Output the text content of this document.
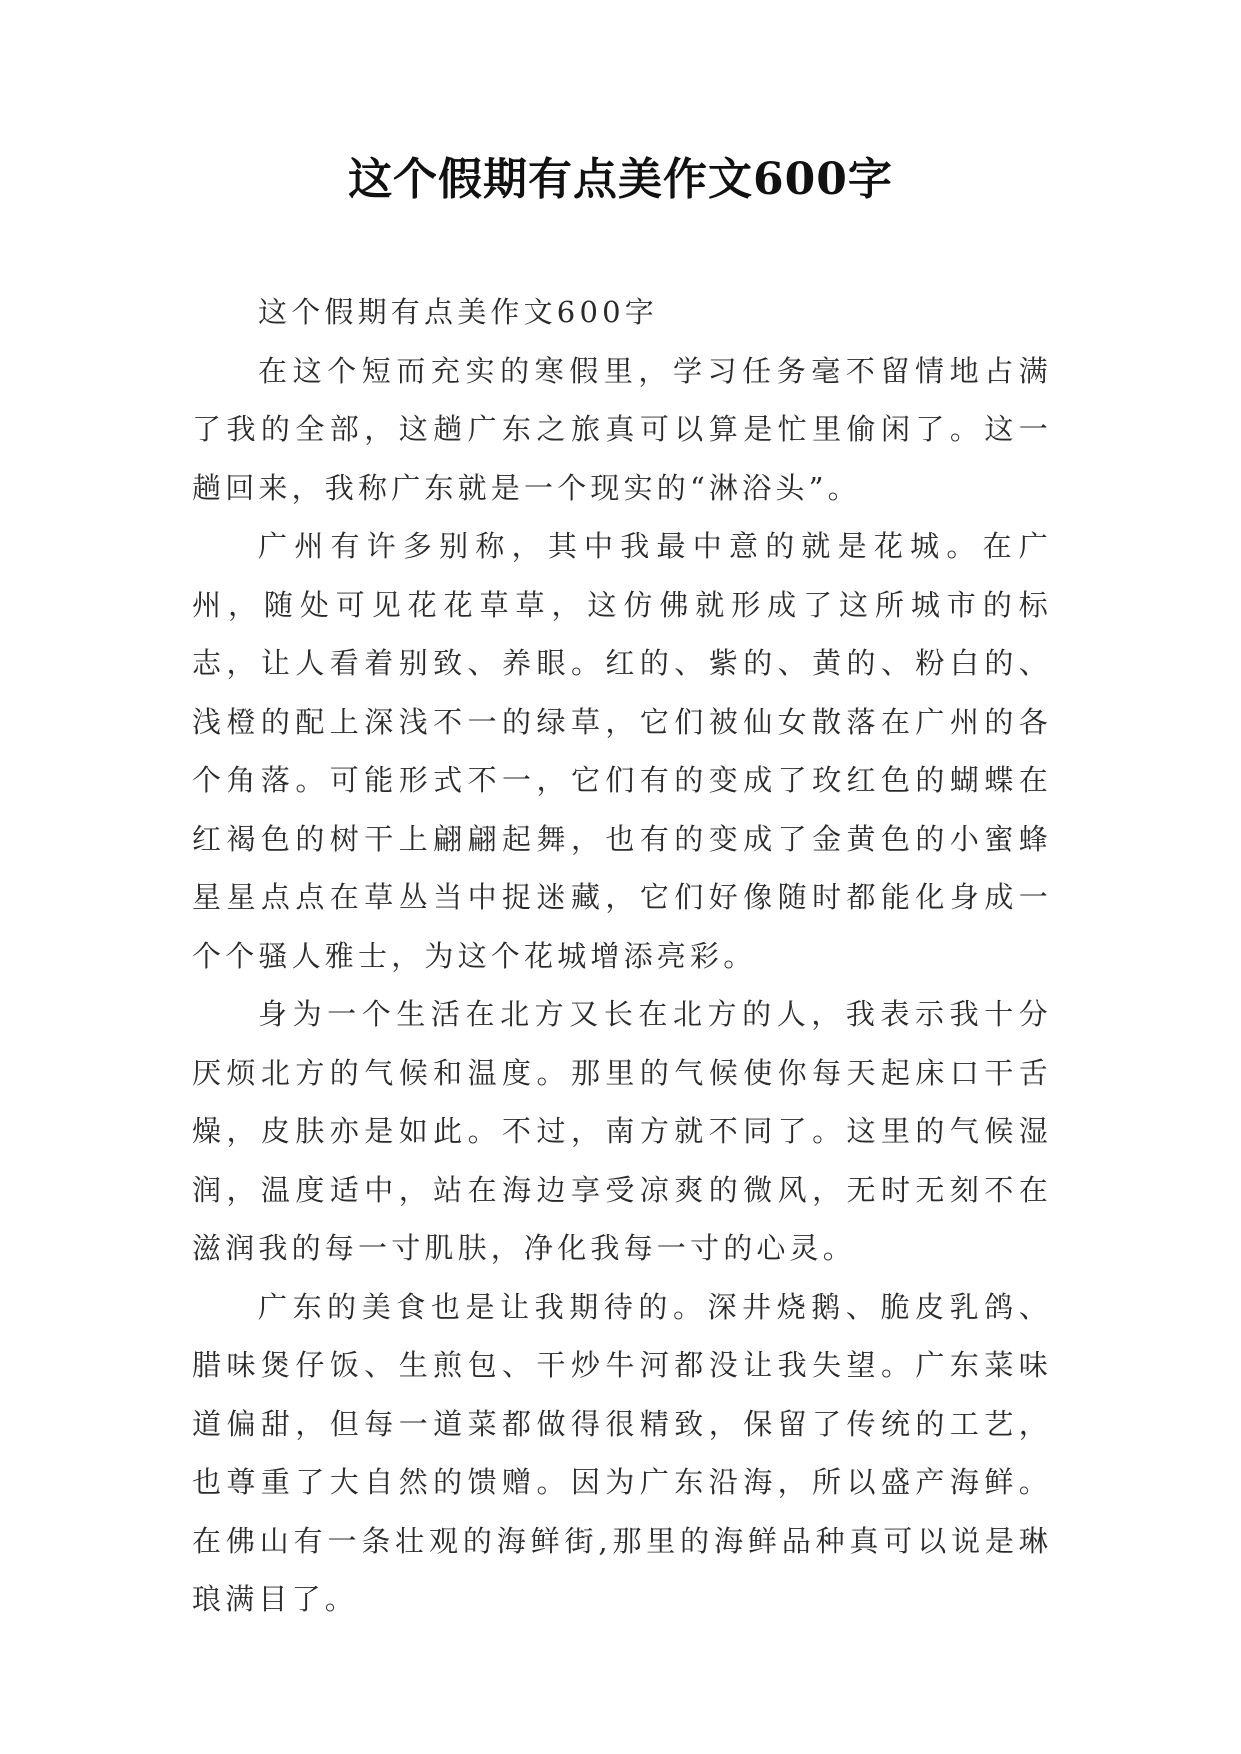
这个假期有点美作文600字

这个假期有点美作文600字

在这个短而充实的寒假里，学习任务毫不留情地占满了我的全部，这趟广东之旅真可以算是忙里偷闲了。这一趟回来，我称广东就是一个现实的“淋浴头”。

广州有许多别称，其中我最中意的就是花城。在广州，随处可见花花草草，这仿佛就形成了这所城市的标志，让人看着别致、养眼。红的、紫的、黄的、粉白的、浅橙的配上深浅不一的绿草，它们被仙女散落在广州的各个角落。可能形式不一，它们有的变成了玫红色的蝴蝶在红褐色的树干上翩翩起舞，也有的变成了金黄色的小蜜蜂星星点点在草丛当中捉迷藏，它们好像随时都能化身成一个个骚人雅士，为这个花城增添亮彩。

身为一个生活在北方又长在北方的人，我表示我十分厌烦北方的气候和温度。那里的气候使你每天起床口干舌燥，皮肤亦是如此。不过，南方就不同了。这里的气候湿润，温度适中，站在海边享受凉爽的微风，无时无刻不在滋润我的每一寸肌肤，净化我每一寸的心灵。

广东的美食也是让我期待的。深井烧鹅、脆皮乳鸽、腊味煲仔饭、生煎包、干炒牛河都没让我失望。广东菜味道偏甜，但每一道菜都做得很精致，保留了传统的工艺，也尊重了大自然的馈赠。因为广东沿海，所以盛产海鲜。在佛山有一条壮观的海鲜街,那里的海鲜品种真可以说是琳琅满目了。
